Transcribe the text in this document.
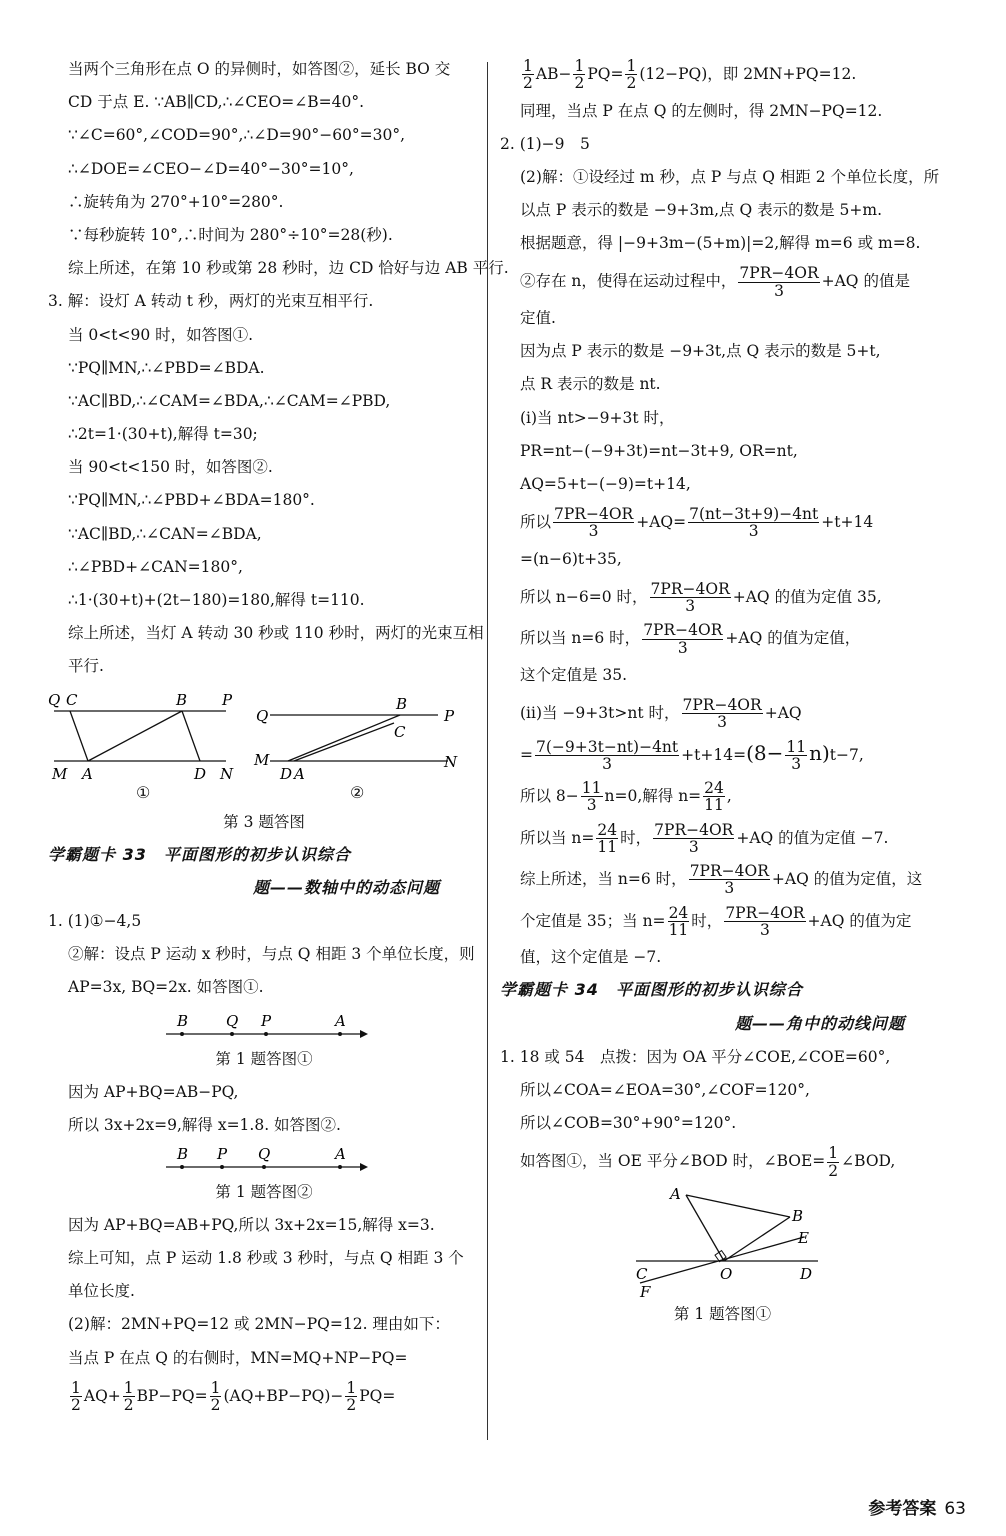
当两个三角形在点 O 的异侧时，如答图②，延长 BO 交
CD 于点 E. ∵AB∥CD,∴∠CEO=∠B=40°.
∵∠C=60°,∠COD=90°,∴∠D=90°−60°=30°,
∴∠DOE=∠CEO−∠D=40°−30°=10°,
∴旋转角为 270°+10°=280°.
∵每秒旋转 10°,∴时间为 280°÷10°=28(秒).
综上所述，在第 10 秒或第 28 秒时，边 CD 恰好与边 AB 平行.
3. 解：设灯 A 转动 t 秒，两灯的光束互相平行.
当 0<t<90 时，如答图①.
∵PQ∥MN,∴∠PBD=∠BDA.
∵AC∥BD,∴∠CAM=∠BDA,∴∠CAM=∠PBD,
∴2t=1·(30+t),解得 t=30;
当 90<t<150 时，如答图②.
∵PQ∥MN,∴∠PBD+∠BDA=180°.
∵AC∥BD,∴∠CAN=∠BDA,
∴∠PBD+∠CAN=180°,
∴1·(30+t)+(2t−180)=180,解得 t=110.
综上所述，当灯 A 转动 30 秒或 110 秒时，两灯的光束互相
平行.
Q C	B P
M A	D N
Q
B
P
C
M
D A
N
①	②
第 3 题答图
学霸题卡 33　平面图形的初步认识综合
题——数轴中的动态问题
1. (1)①−4,5
②解：设点 P 运动 x 秒时，与点 Q 相距 3 个单位长度，则
AP=3x, BQ=2x. 如答图①.
B	Q P	A
第 1 题答图①
因为 AP+BQ=AB−PQ,
所以 3x+2x=9,解得 x=1.8. 如答图②.
B P Q	A
第 1 题答图②
因为 AP+BQ=AB+PQ,所以 3x+2x=15,解得 x=3.
综上可知，点 P 运动 1.8 秒或 3 秒时，与点 Q 相距 3 个
单位长度.
(2)解：2MN+PQ=12 或 2MN−PQ=12. 理由如下：
当点 P 在点 Q 的右侧时，MN=MQ+NP−PQ=
$\frac{1}{2} AQ+ \frac{1}{2} BP-PQ= \frac{1}{2} (AQ+BP-PQ)- \frac{1}{2} PQ=$
$\frac{1}{2} AB- \frac{1}{2} PQ= \frac{1}{2} (12-PQ)$，即 2MN+PQ=12.
同理，当点 P 在点 Q 的左侧时，得 2MN−PQ=12.
2. (1)−9　5
(2)解：①设经过 m 秒，点 P 与点 Q 相距 2 个单位长度，所
以点 P 表示的数是 −9+3m,点 Q 表示的数是 5+m.
根据题意，得 |−9+3m−(5+m)|=2,解得 m=6 或 m=8.
②存在 n，使得在运动过程中， $\frac{7PR-4OR}{3} +AQ$ 的值是
定值.
因为点 P 表示的数是 −9+3t,点 Q 表示的数是 5+t,
点 R 表示的数是 nt.
(ⅰ)当 nt>−9+3t 时，
PR=nt−(−9+3t)=nt−3t+9, OR=nt,
AQ=5+t−(−9)=t+14,
所以 $\frac{7PR-4OR}{3} +AQ= \frac{7(nt-3t+9)-4nt}{3} +t+14$
=(n−6)t+35,
所以 n−6=0 时， $\frac{7PR-4OR}{3} +AQ$ 的值为定值 35,
所以当 n=6 时， $\frac{7PR-4OR}{3} +AQ$ 的值为定值，
这个定值是 35.
(ⅱ)当 −9+3t>nt 时， $\frac{7PR-4OR}{3} +AQ$
= $\frac{7(-9+3t-nt)-4nt}{3} +t+14=(8- \frac{11}{3} n)t-7$,
所以 $8- \frac{11}{3} n=0$,解得 $n= \frac{24}{11}$ ,
所以当 $n= \frac{24}{11}$ 时， $\frac{7PR-4OR}{3} +AQ$ 的值为定值 −7.
综上所述，当 n=6 时， $\frac{7PR-4OR}{3} +AQ$ 的值为定值，这
个定值是 35；当 $n= \frac{24}{11}$ 时， $\frac{7PR-4OR}{3} +AQ$ 的值为定
值，这个定值是 −7.
学霸题卡 34　平面图形的初步认识综合
题——角中的动线问题
1. 18 或 54　点拨：因为 OA 平分∠COE,∠COE=60°,
所以∠COA=∠EOA=30°,∠COF=120°,
所以∠COB=30°+90°=120°.
如答图①，当 OE 平分∠BOD 时，∠BOE= $\frac{1}{2}$ ∠BOD,
A
B
E
C	O	D
F
第 1 题答图①
参考答案 63
